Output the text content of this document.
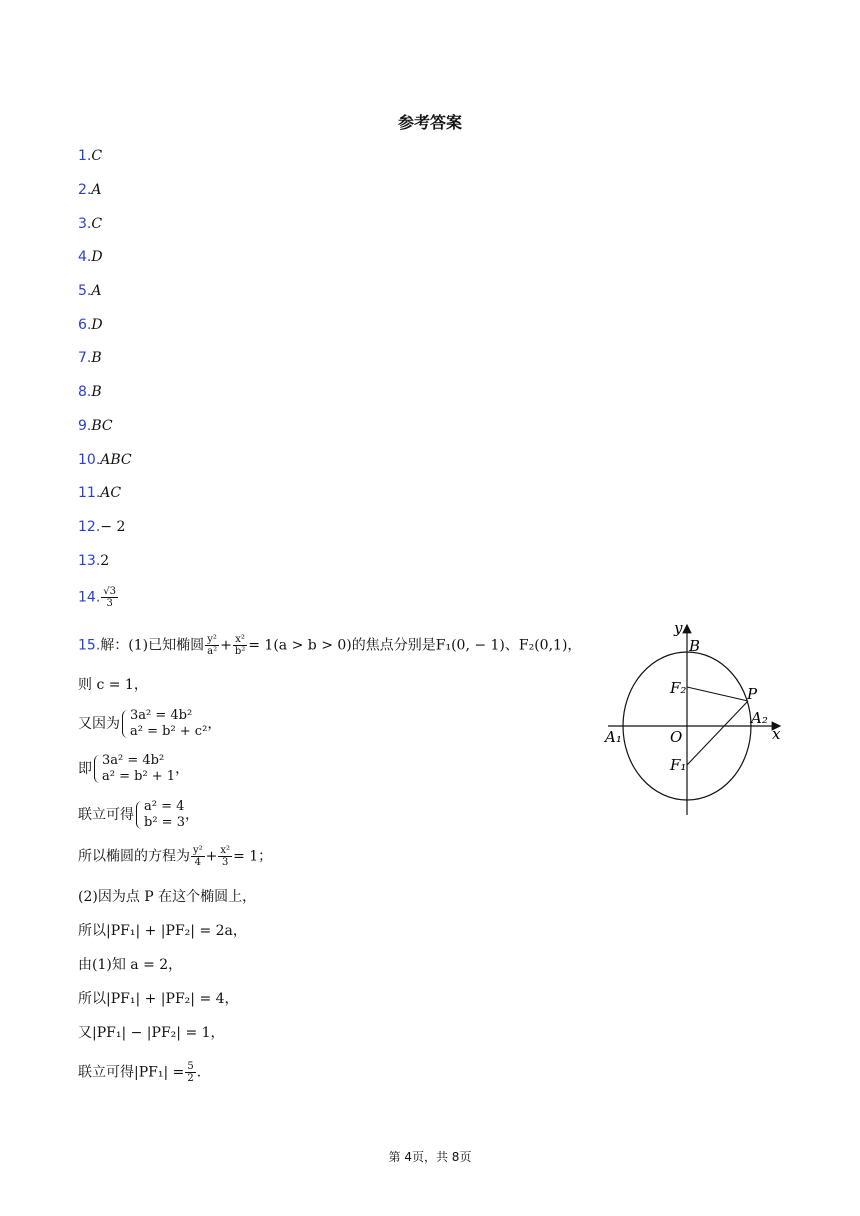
参考答案
1.C
2.A
3.C
4.D
5.A
6.D
7.B
8.B
9.BC
10.ABC
11.AC
12.− 2
13.2
14. $\frac{√3}{3}$
15.解：(1)已知椭圆 $\frac{\text{y²}}{\text{a²}} + \frac{\text{x²}}{\text{b²}} = 1(a > b > 0)$的焦点分别是F₁(0, − 1)、F₂(0,1)，
则 c = 1，
又因为
3a² = 4b²
a² = b² + c² ，
即
3a² = 4b²
a² = b² + 1 ，
联立可得
a² = 4
b² = 3 ，
所以椭圆的方程为 $\frac{\text{y²}}{4} + \frac{\text{x²}}{3} = 1$；
(2)因为点 P 在这个椭圆上，
所以|PF₁| + |PF₂| = 2a，
由(1)知 a = 2，
所以|PF₁| + |PF₂| = 4，
又|PF₁| − |PF₂| = 1，
联立可得$|PF_1| = \frac{5}{2}$ .
y
x
B
P
F₂
F₁
A₁
A₂
O
第 4页，共 8页
